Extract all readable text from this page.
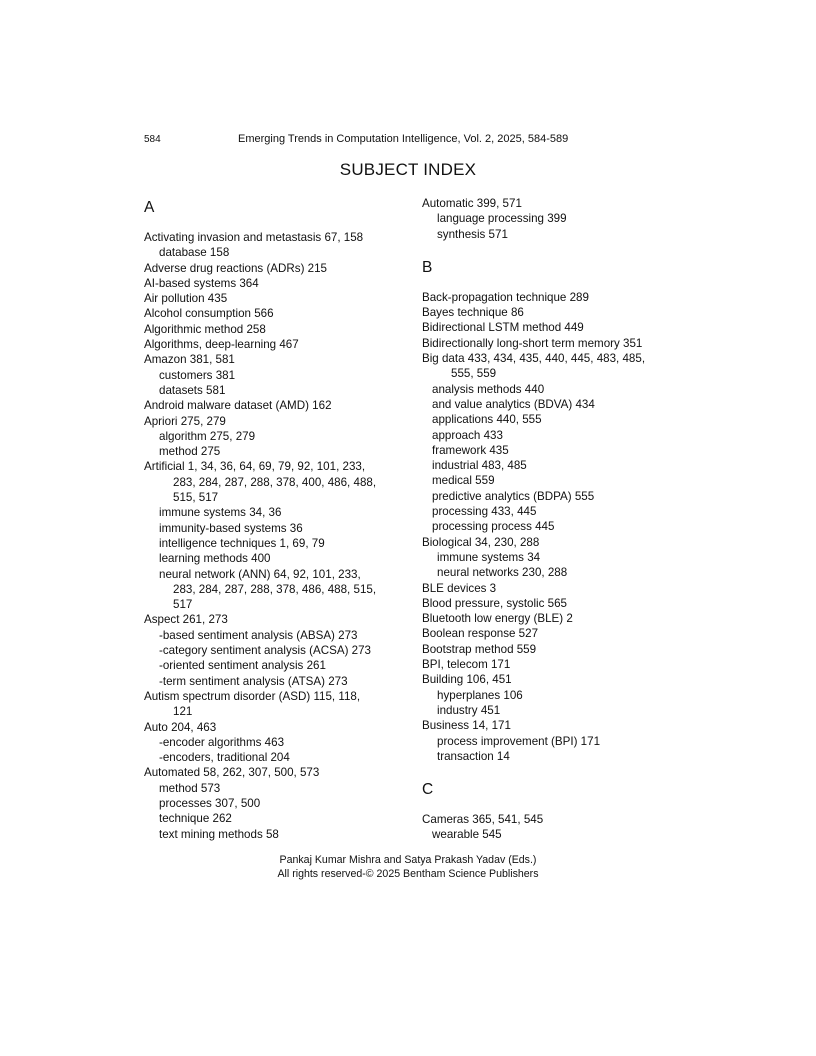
584	Emerging Trends in Computation Intelligence, Vol. 2, 2025, 584-589
SUBJECT INDEX
A
Activating invasion and metastasis 67, 158
database 158
Adverse drug reactions (ADRs) 215
AI-based systems 364
Air pollution 435
Alcohol consumption 566
Algorithmic method 258
Algorithms, deep-learning 467
Amazon 381, 581
customers 381
datasets 581
Android malware dataset (AMD) 162
Apriori 275, 279
algorithm 275, 279
method 275
Artificial 1, 34, 36, 64, 69, 79, 92, 101, 233,
283, 284, 287, 288, 378, 400, 486, 488,
515, 517
immune systems 34, 36
immunity-based systems 36
intelligence techniques 1, 69, 79
learning methods 400
neural network (ANN) 64, 92, 101, 233,
283, 284, 287, 288, 378, 486, 488, 515,
517
Aspect 261, 273
-based sentiment analysis (ABSA) 273
-category sentiment analysis (ACSA) 273
-oriented sentiment analysis 261
-term sentiment analysis (ATSA) 273
Autism spectrum disorder (ASD) 115, 118,
121
Auto 204, 463
-encoder algorithms 463
-encoders, traditional 204
Automated 58, 262, 307, 500, 573
method 573
processes 307, 500
technique 262
text mining methods 58
Automatic 399, 571
language processing 399
synthesis 571
B
Back-propagation technique 289
Bayes technique 86
Bidirectional LSTM method 449
Bidirectionally long-short term memory 351
Big data 433, 434, 435, 440, 445, 483, 485,
555, 559
analysis methods 440
and value analytics (BDVA) 434
applications 440, 555
approach 433
framework 435
industrial 483, 485
medical 559
predictive analytics (BDPA) 555
processing 433, 445
processing process 445
Biological 34, 230, 288
immune systems 34
neural networks 230, 288
BLE devices 3
Blood pressure, systolic 565
Bluetooth low energy (BLE) 2
Boolean response 527
Bootstrap method 559
BPI, telecom 171
Building 106, 451
hyperplanes 106
industry 451
Business 14, 171
process improvement (BPI) 171
transaction 14
C
Cameras 365, 541, 545
wearable 545
Pankaj Kumar Mishra and Satya Prakash Yadav (Eds.)
All rights reserved-© 2025 Bentham Science Publishers
